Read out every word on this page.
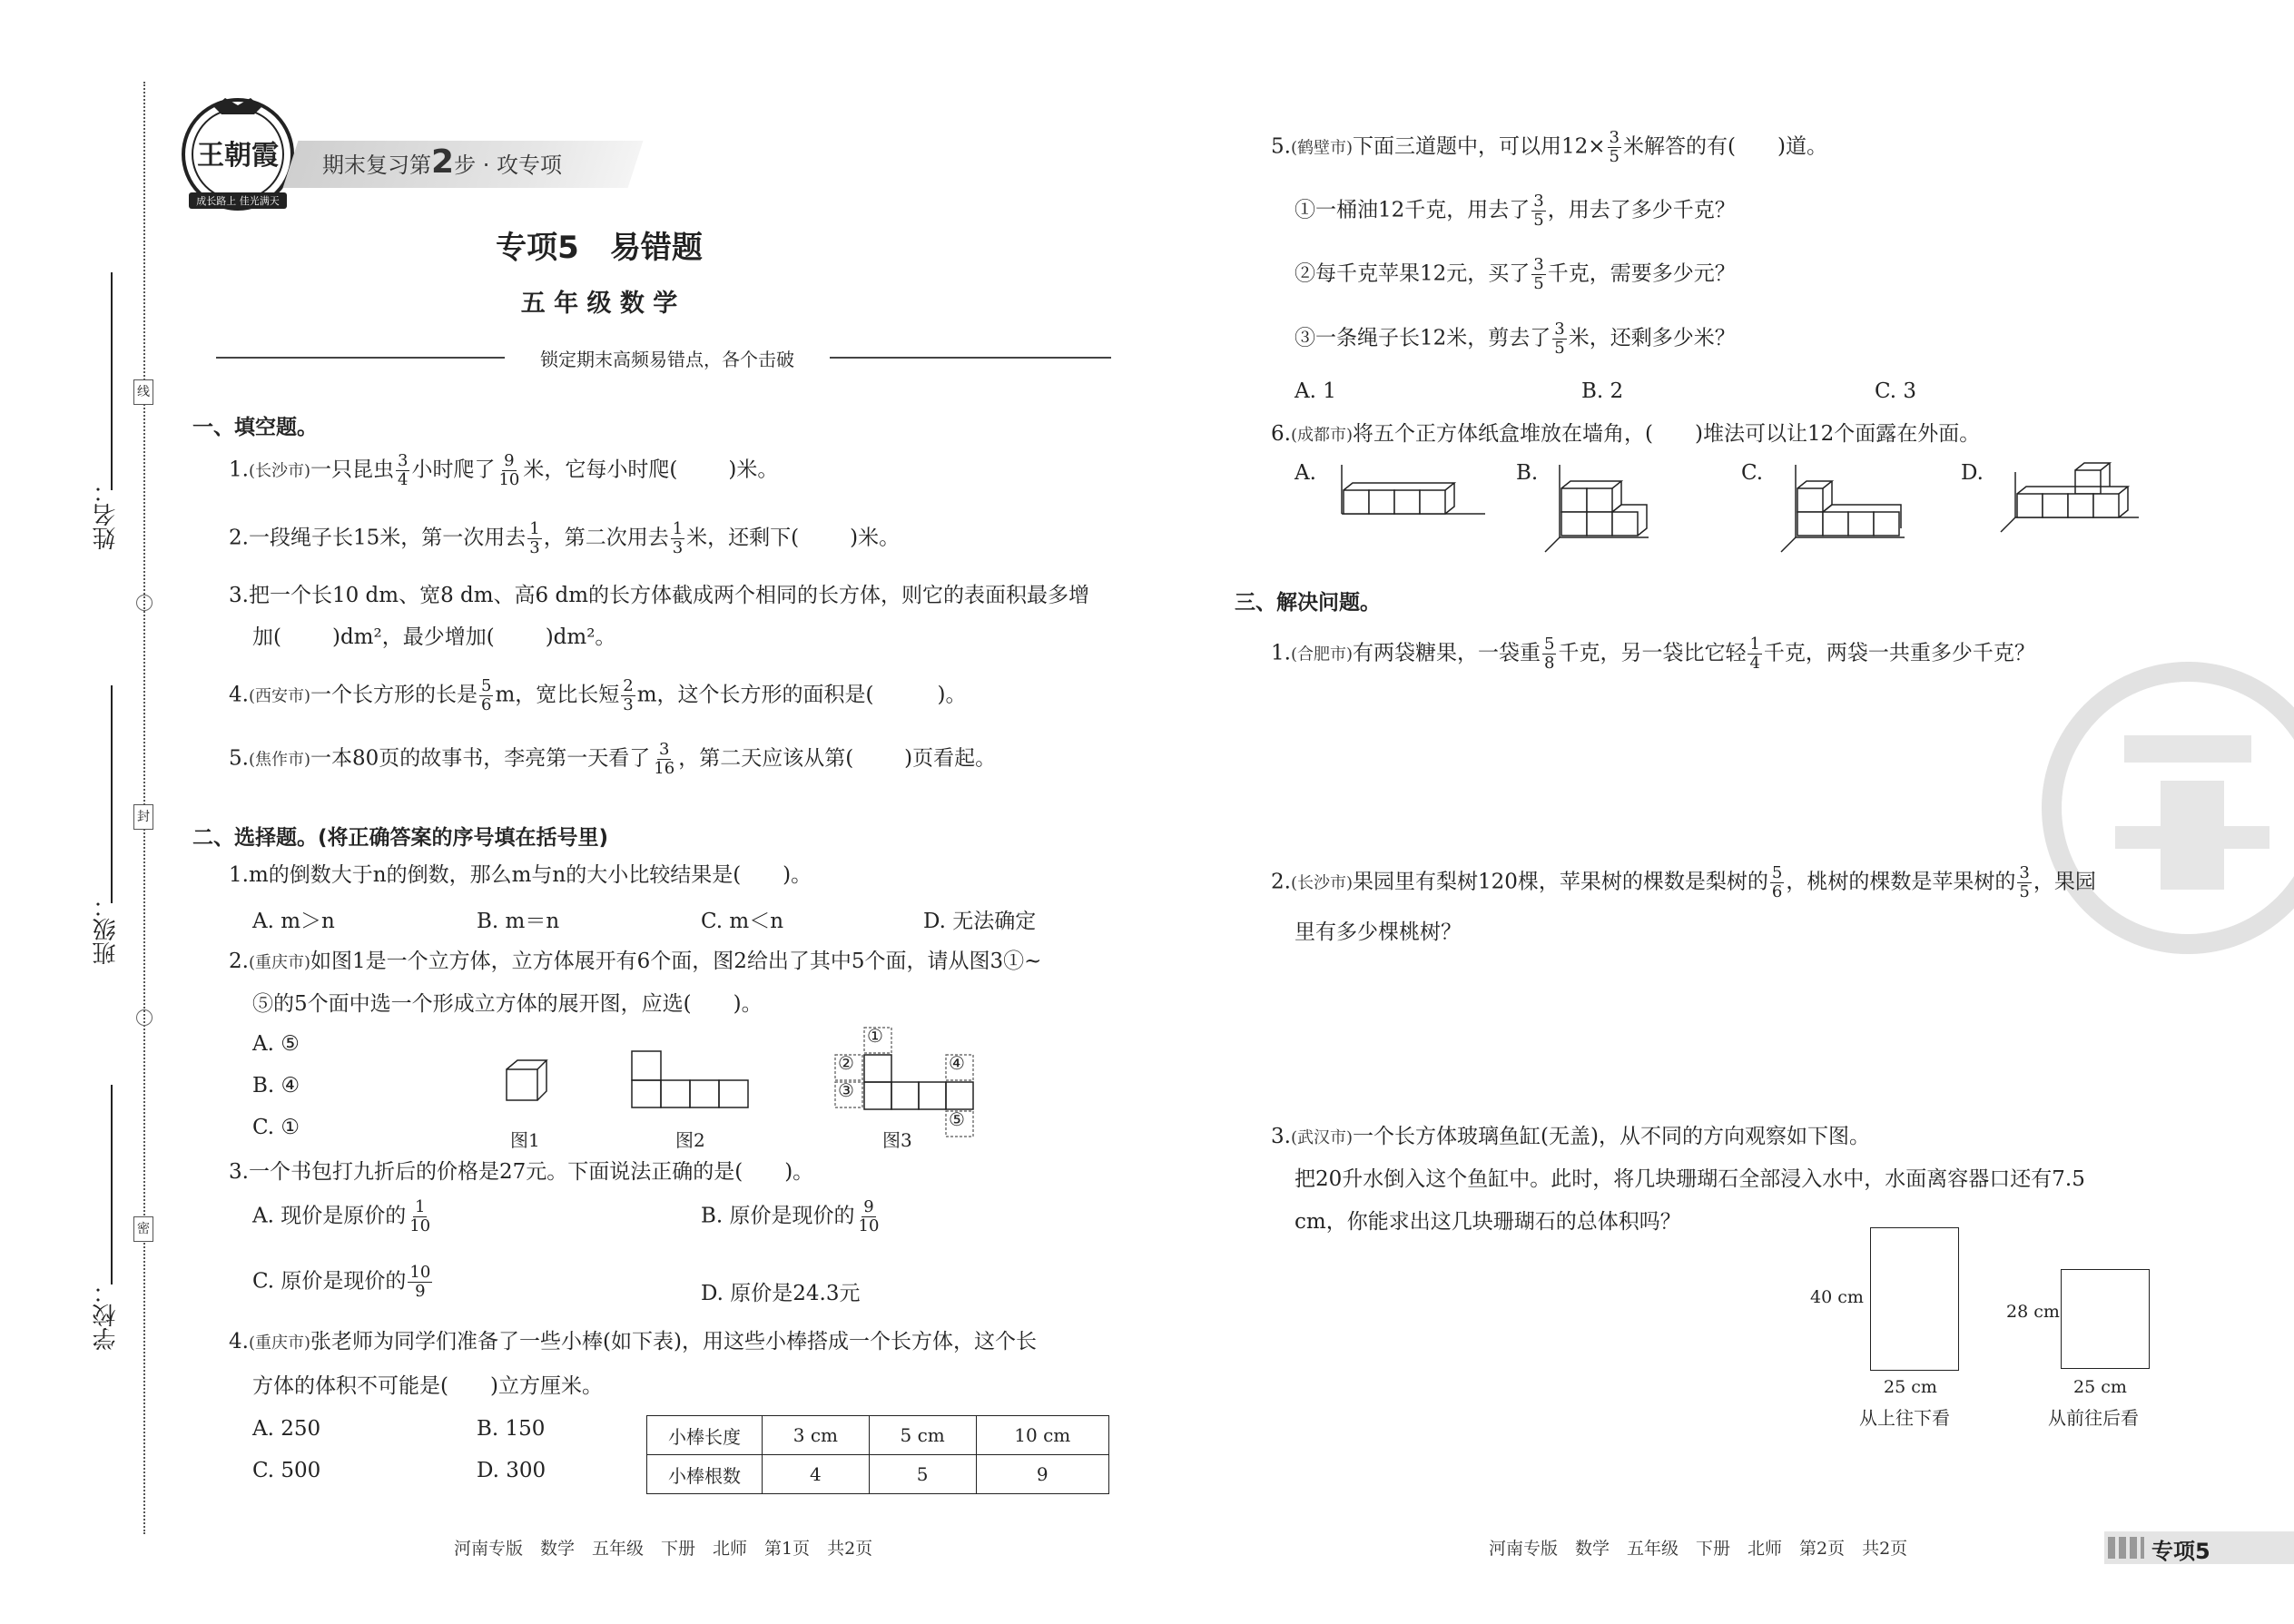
线
封
密
姓名：
班级：
学校：
王朝霞
成长路上 佳光满天
期末复习第2步 · 攻专项
专项5　易错题
五 年 级 数 学
锁定期末高频易错点，各个击破
一、填空题。
1.(长沙市)一只昆虫 $\frac{3}{4}$ 小时爬了 $\frac{9}{10}$ 米，它每小时爬( )米。
2.一段绳子长15米，第一次用去 $\frac{1}{3}$ ，第二次用去 $\frac{1}{3}$ 米，还剩下( )米。
3.把一个长10 dm、宽8 dm、高6 dm的长方体截成两个相同的长方体，则它的表面积最多增
加( )dm²，最少增加( )dm²。
4.(西安市)一个长方形的长是 $\frac{5}{6}$ m，宽比长短 $\frac{2}{3}$ m，这个长方形的面积是(	)。
5.(焦作市)一本80页的故事书，李亮第一天看了 $\frac{3}{16}$ ，第二天应该从第( )页看起。
二、选择题。(将正确答案的序号填在括号里)
1.m的倒数大于n的倒数，那么m与n的大小比较结果是(　　)。
A. m＞n	B. m＝n	C. m＜n	D. 无法确定
2.(重庆市)如图1是一个立方体，立方体展开有6个面，图2给出了其中5个面，请从图3①~
⑤的5个面中选一个形成立方体的展开图，应选(　　)。
A. ⑤
B. ④
C. ①
图1	图2
①
②
③
④
⑤
图3
3.一个书包打九折后的价格是27元。下面说法正确的是(　　)。
A. 现价是原价的 $\frac{1}{10}$	B. 原价是现价的 $\frac{9}{10}$
C. 原价是现价的 $\frac{10}{9}$	D. 原价是24.3元
4.(重庆市)张老师为同学们准备了一些小棒(如下表)，用这些小棒搭成一个长方体，这个长
方体的体积不可能是(　　)立方厘米。
A. 250	B. 150
C. 500	D. 300
小棒长度	3 cm	5 cm	10 cm
小棒根数	4	5	9
河南专版　数学　五年级　下册　北师　第1页　共2页
5.(鹤壁市)下面三道题中，可以用$12\times \frac{3}{5}$ 米解答的有(　　)道。
①一桶油12千克，用去了 $\frac{3}{5}$ ，用去了多少千克？
②每千克苹果12元，买了 $\frac{3}{5}$ 千克，需要多少元？
③一条绳子长12米，剪去了 $\frac{3}{5}$ 米，还剩多少米？
A. 1	B. 2	C. 3
6.(成都市)将五个正方体纸盒堆放在墙角，(　　)堆法可以让12个面露在外面。
A.	B.	C.	D.
三、解决问题。
1.(合肥市)有两袋糖果，一袋重 $\frac{5}{8}$ 千克，另一袋比它轻 $\frac{1}{4}$ 千克，两袋一共重多少千克？
2.(长沙市)果园里有梨树120棵，苹果树的棵数是梨树的 $\frac{5}{6}$ ，桃树的棵数是苹果树的 $\frac{3}{5}$ ，果园
里有多少棵桃树？
3.(武汉市)一个长方体玻璃鱼缸(无盖)，从不同的方向观察如下图。
把20升水倒入这个鱼缸中。此时，将几块珊瑚石全部浸入水中，水面离容器口还有7.5
cm，你能求出这几块珊瑚石的总体积吗？
40 cm
25 cm
从上往下看
28 cm
25 cm
从前往后看
河南专版　数学　五年级　下册　北师　第2页　共2页	专项5
